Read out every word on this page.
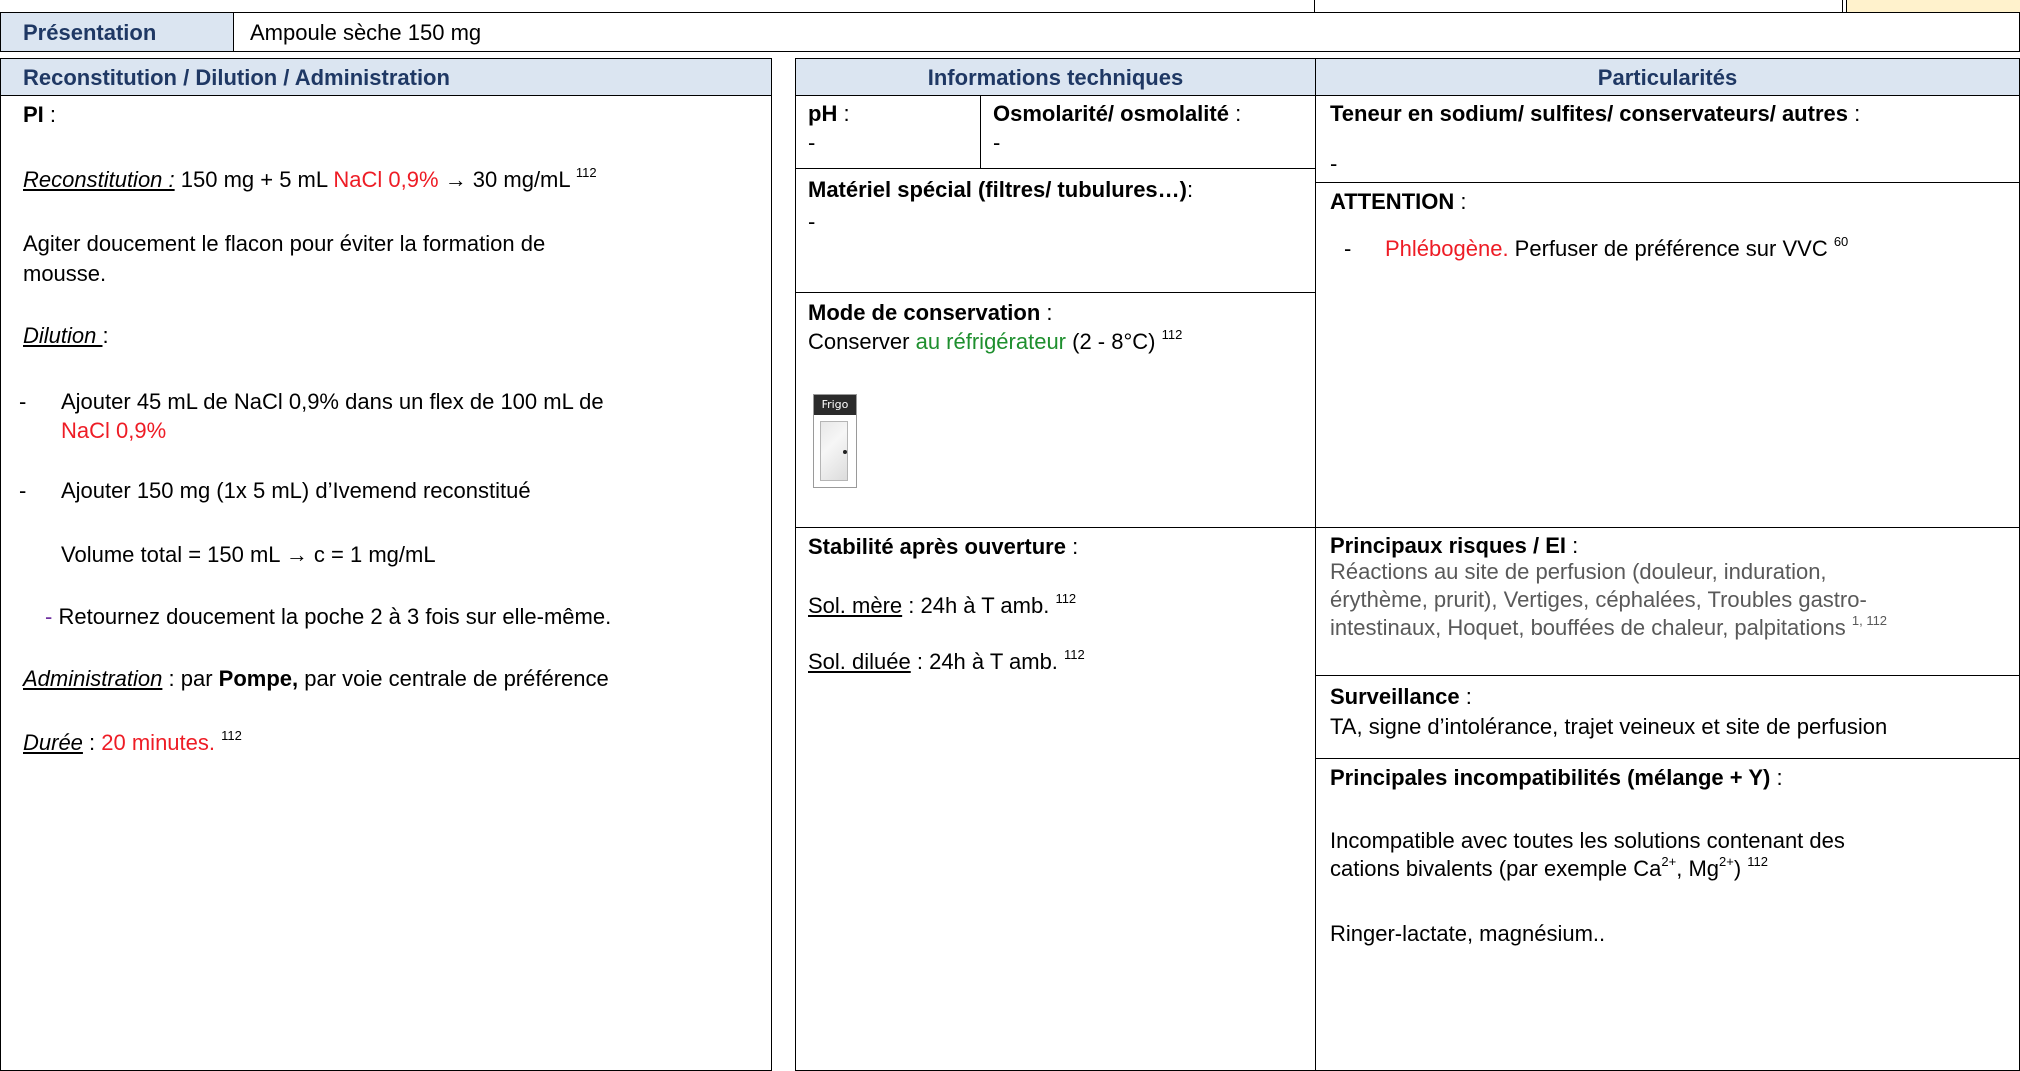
Présentation	Ampoule sèche 150 mg
Reconstitution / Dilution / Administration	Informations techniques	Particularités
PI :
Reconstitution : 150 mg + 5 mL NaCl 0,9% → 30 mg/mL $^{112}$
Agiter doucement le flacon pour éviter la formation de
mousse.
Dilution :
- Ajouter 45 mL de NaCl 0,9% dans un flex de 100 mL de
NaCl 0,9%
- Ajouter 150 mg (1x 5 mL) d’Ivemend reconstitué
Volume total = 150 mL → c = 1 mg/mL
- Retournez doucement la poche 2 à 3 fois sur elle-même.
Administration : par Pompe, par voie centrale de préférence
Durée : 20 minutes. $^{112}$
pH :
-
Osmolarité/ osmolalité :
-
Matériel spécial (filtres/ tubulures…):
-
Mode de conservation :
Conserver au réfrigérateur (2 - 8°C) $^{112}$
Frigo
Stabilité après ouverture :
Sol. mère : 24h à T amb. $^{112}$
Sol. diluée : 24h à T amb. $^{112}$
Teneur en sodium/ sulfites/ conservateurs/ autres :
-
ATTENTION :
- Phlébogène. Perfuser de préférence sur VVC $^{60}$
Principaux risques / EI :
Réactions au site de perfusion (douleur, induration,
érythème, prurit), Vertiges, céphalées, Troubles gastro-
intestinaux, Hoquet, bouffées de chaleur, palpitations $^{1, 112}$
Surveillance :
TA, signe d’intolérance, trajet veineux et site de perfusion
Principales incompatibilités (mélange + Y) :
Incompatible avec toutes les solutions contenant des
cations bivalents (par exemple $Ca^{2+}$, $Mg^{2+}$) $^{112}$
Ringer-lactate, magnésium..
